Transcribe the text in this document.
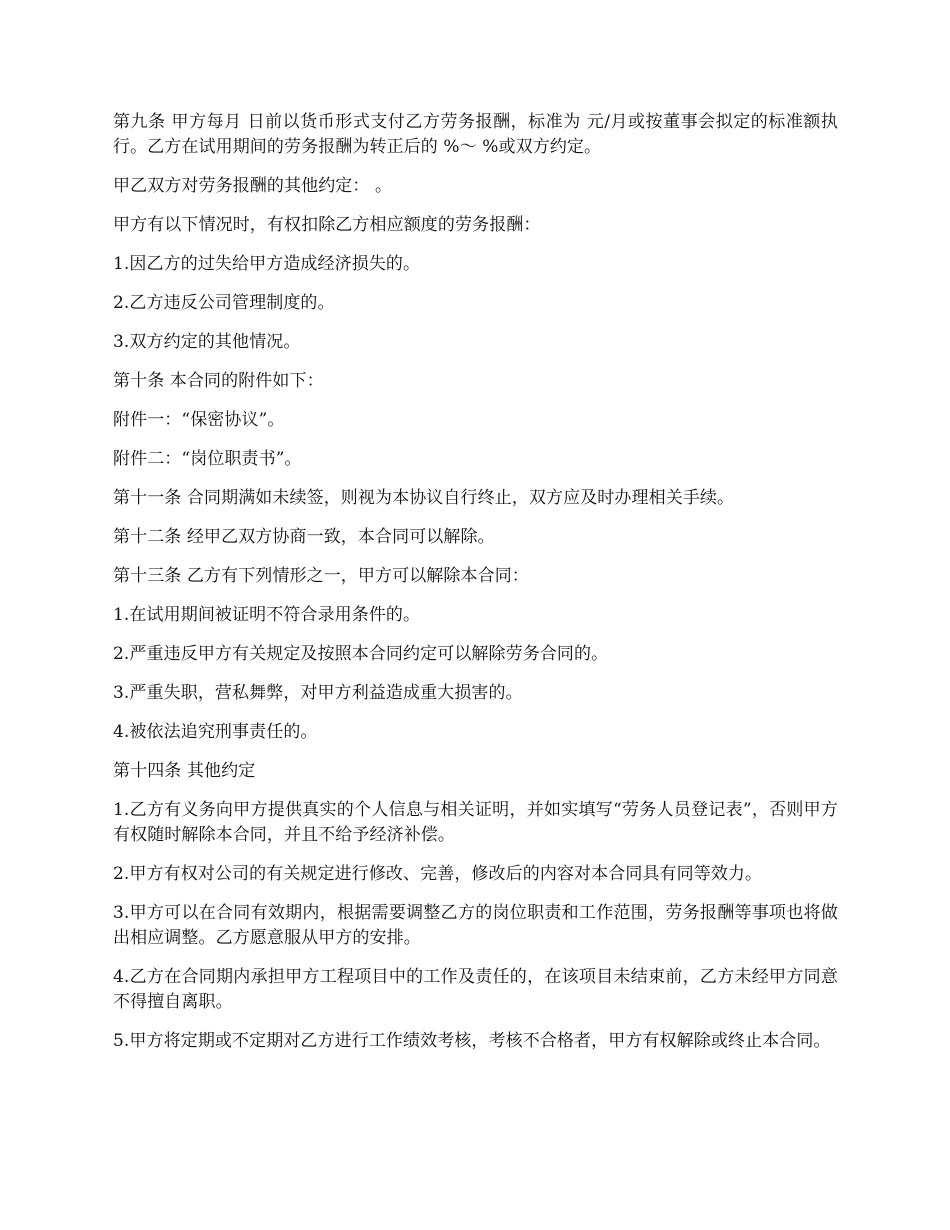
第九条 甲方每月 日前以货币形式支付乙方劳务报酬，标准为 元/月或按董事会拟定的标准额执行。乙方在试用期间的劳务报酬为转正后的 %～ %或双方约定。

甲乙双方对劳务报酬的其他约定： 。

甲方有以下情况时，有权扣除乙方相应额度的劳务报酬：

1.因乙方的过失给甲方造成经济损失的。

2.乙方违反公司管理制度的。

3.双方约定的其他情况。

第十条 本合同的附件如下：

附件一：“保密协议”。

附件二：“岗位职责书”。

第十一条 合同期满如未续签，则视为本协议自行终止，双方应及时办理相关手续。

第十二条 经甲乙双方协商一致，本合同可以解除。

第十三条 乙方有下列情形之一，甲方可以解除本合同：

1.在试用期间被证明不符合录用条件的。

2.严重违反甲方有关规定及按照本合同约定可以解除劳务合同的。

3.严重失职，营私舞弊，对甲方利益造成重大损害的。

4.被依法追究刑事责任的。

第十四条 其他约定

1.乙方有义务向甲方提供真实的个人信息与相关证明，并如实填写“劳务人员登记表”，否则甲方有权随时解除本合同，并且不给予经济补偿。

2.甲方有权对公司的有关规定进行修改、完善，修改后的内容对本合同具有同等效力。

3.甲方可以在合同有效期内，根据需要调整乙方的岗位职责和工作范围，劳务报酬等事项也将做出相应调整。乙方愿意服从甲方的安排。

4.乙方在合同期内承担甲方工程项目中的工作及责任的，在该项目未结束前，乙方未经甲方同意不得擅自离职。

5.甲方将定期或不定期对乙方进行工作绩效考核，考核不合格者，甲方有权解除或终止本合同。
